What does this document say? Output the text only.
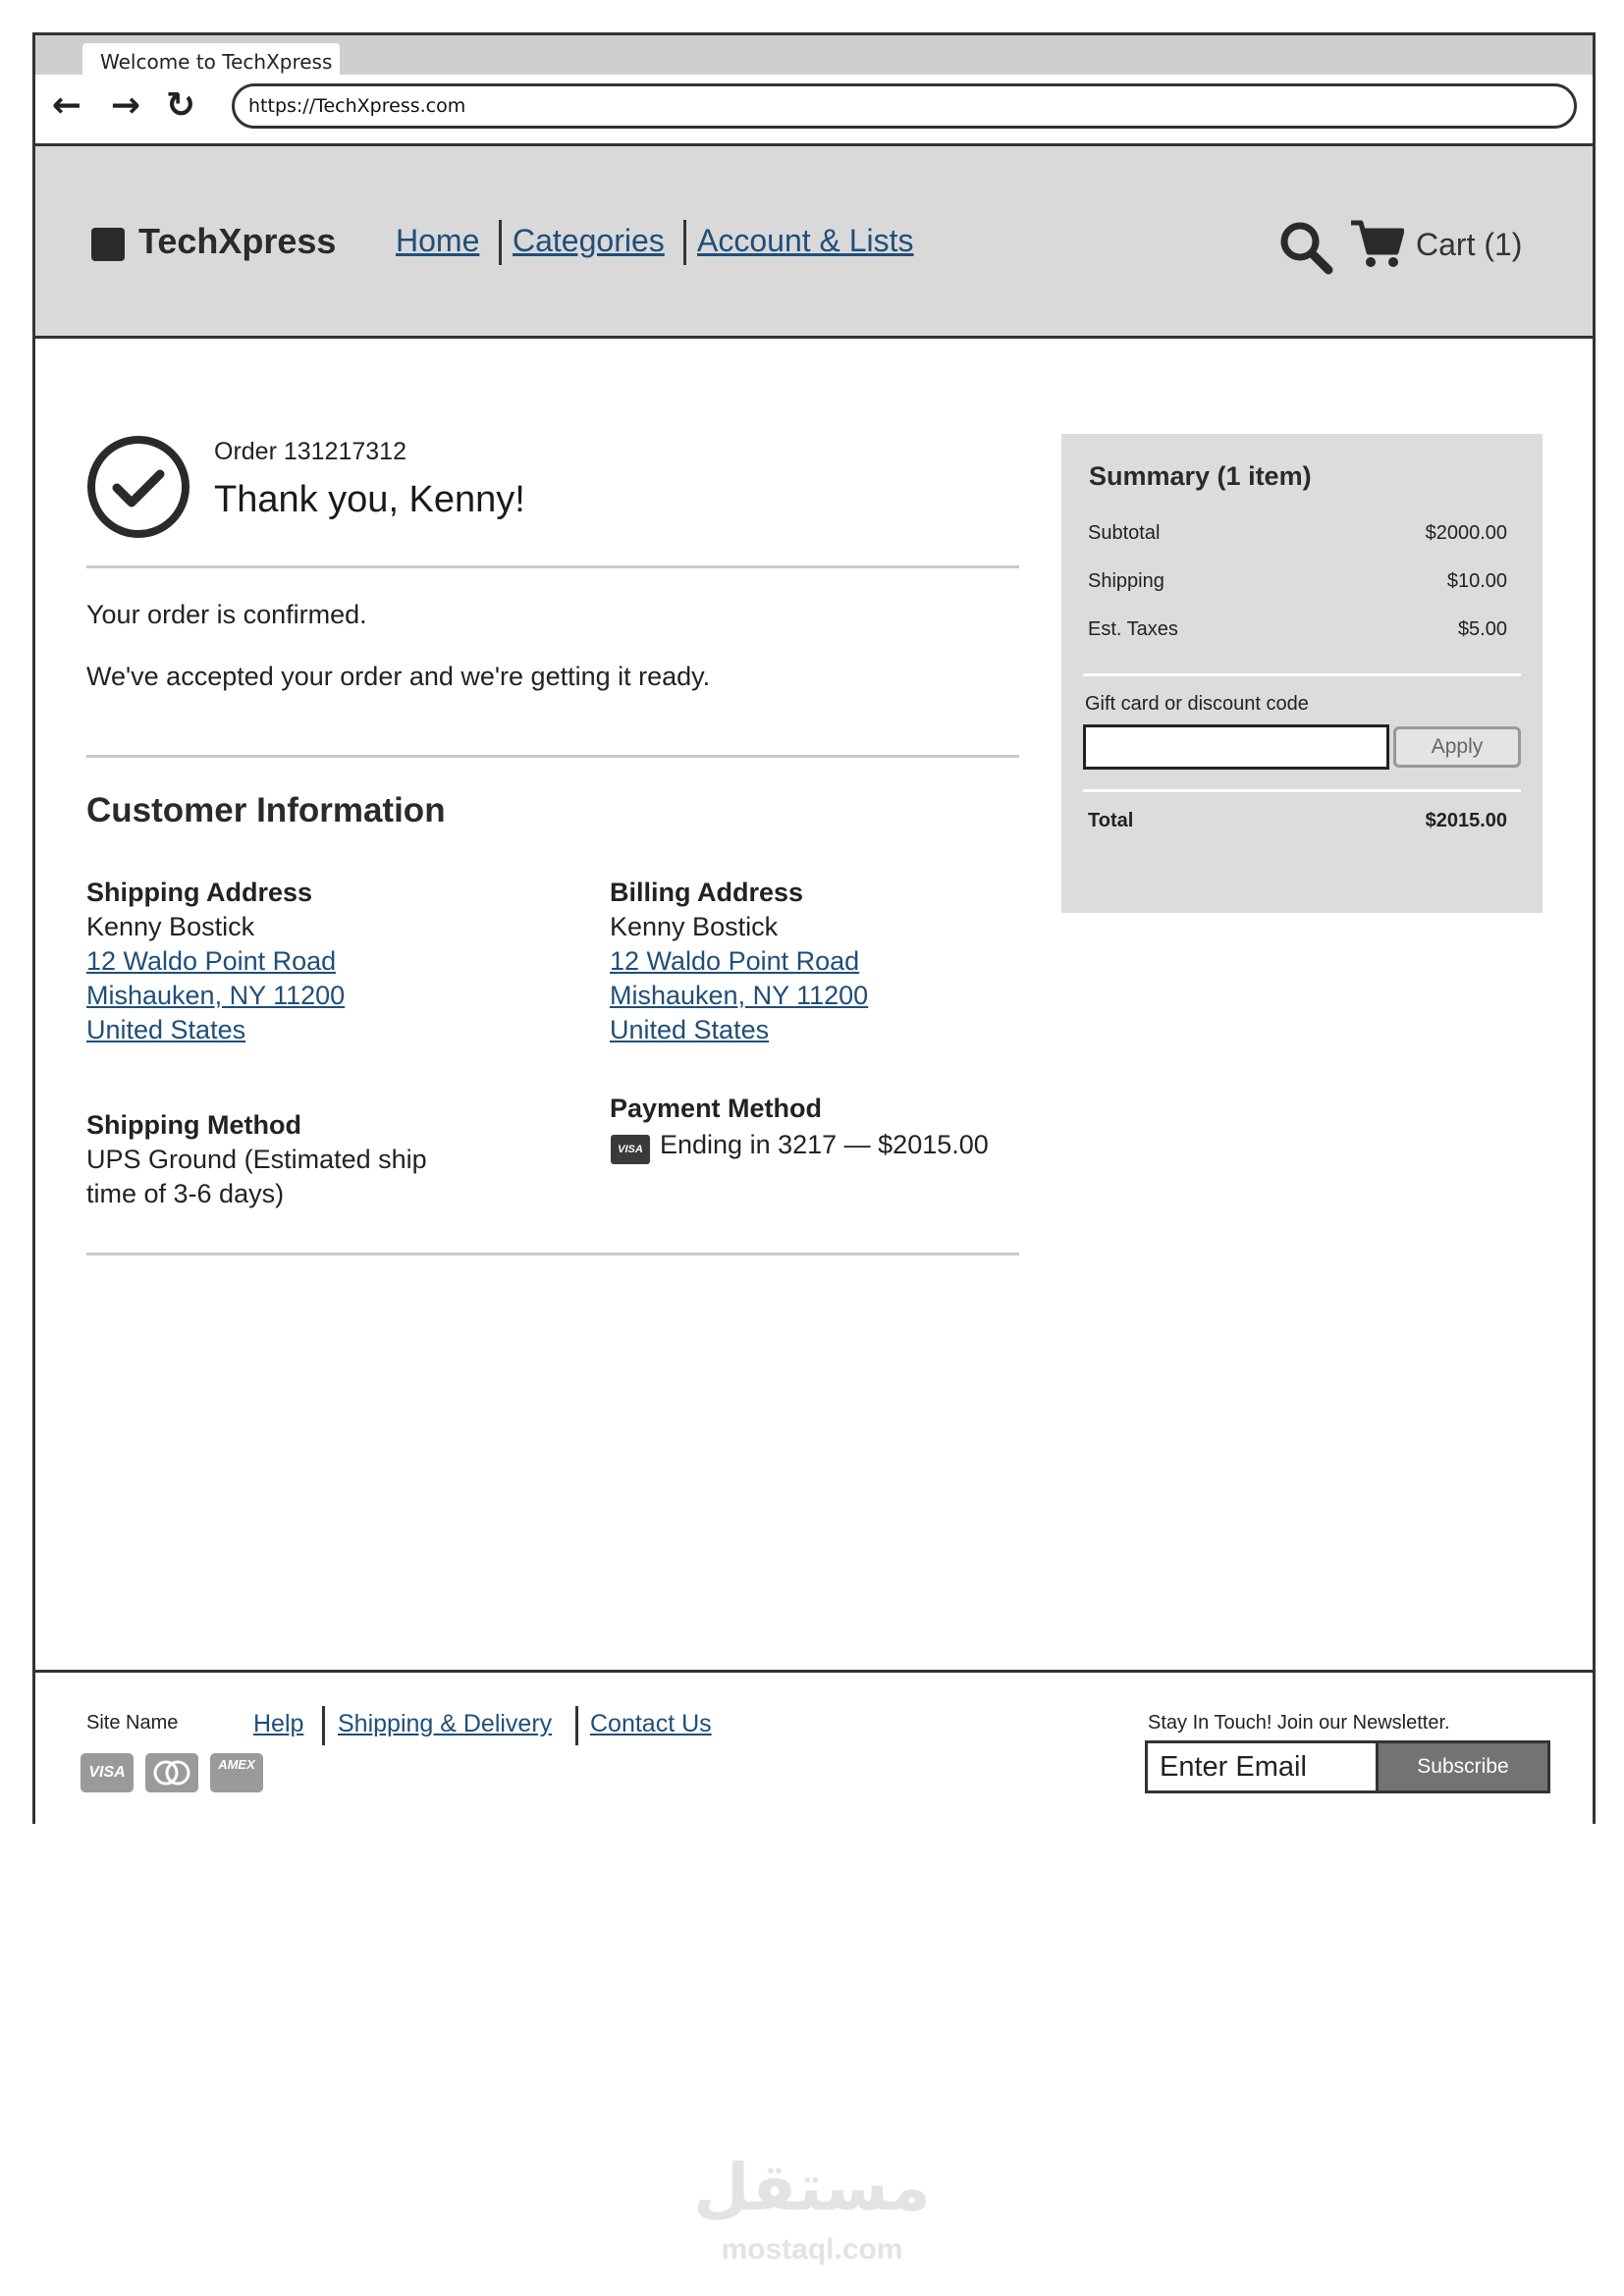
Welcome to TechXpress
← → ↻	https://TechXpress.com
TechXpress Home Categories Account & Lists	Cart (1)
Order 131217312
Thank you, Kenny!
Your order is confirmed.
We've accepted your order and we're getting it ready.
Customer Information
Shipping Address
Kenny Bostick
12 Waldo Point Road
Mishauken, NY 11200
United States
Billing Address
Kenny Bostick
12 Waldo Point Road
Mishauken, NY 11200
United States
Shipping Method
UPS Ground (Estimated ship
time of 3-6 days)
Payment Method
VISA Ending in 3217 — $2015.00
Summary (1 item)
Subtotal	$2000.00
Shipping	$10.00
Est. Taxes	$5.00
Gift card or discount code
Apply
Total	$2015.00
Site Name	Help Shipping & Delivery Contact Us
VISA	AMEX
Stay In Touch! Join our Newsletter.
Enter Email	Subscribe
مستقل
mostaql.com
